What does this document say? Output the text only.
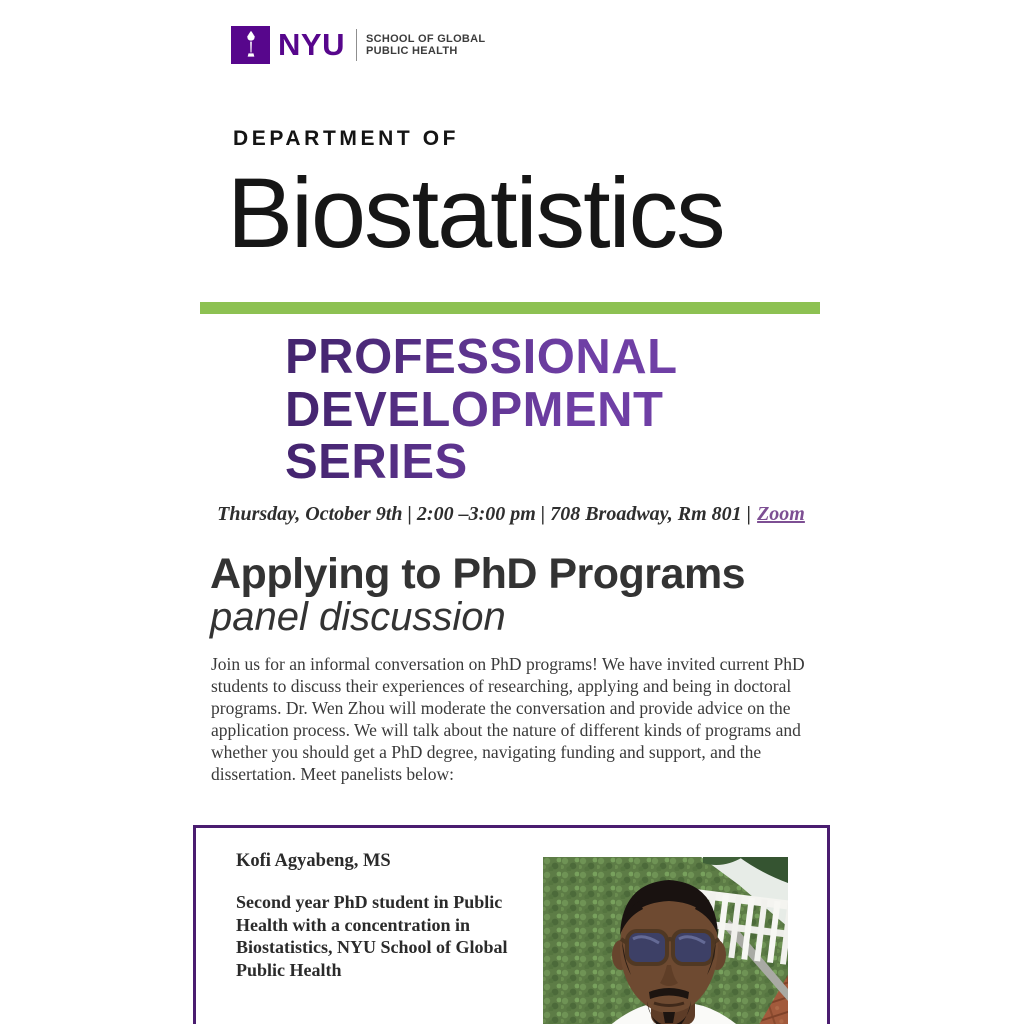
NYU SCHOOL OF GLOBAL
PUBLIC HEALTH
DEPARTMENT OF
Biostatistics
PROFESSIONAL
DEVELOPMENT
SERIES
Thursday, October 9th | 2:00 –3:00 pm | 708 Broadway, Rm 801 | Zoom
Applying to PhD Programs
panel discussion

Join us for an informal conversation on PhD programs! We have invited current PhD students to discuss their experiences of researching, applying and being in doctoral programs. Dr. Wen Zhou will moderate the conversation and provide advice on the application process. We will talk about the nature of different kinds of programs and whether you should get a PhD degree, navigating funding and support, and the dissertation. Meet panelists below:

Kofi Agyabeng, MS
Second year PhD student in Public Health with a concentration in Biostatistics, NYU School of Global Public Health
